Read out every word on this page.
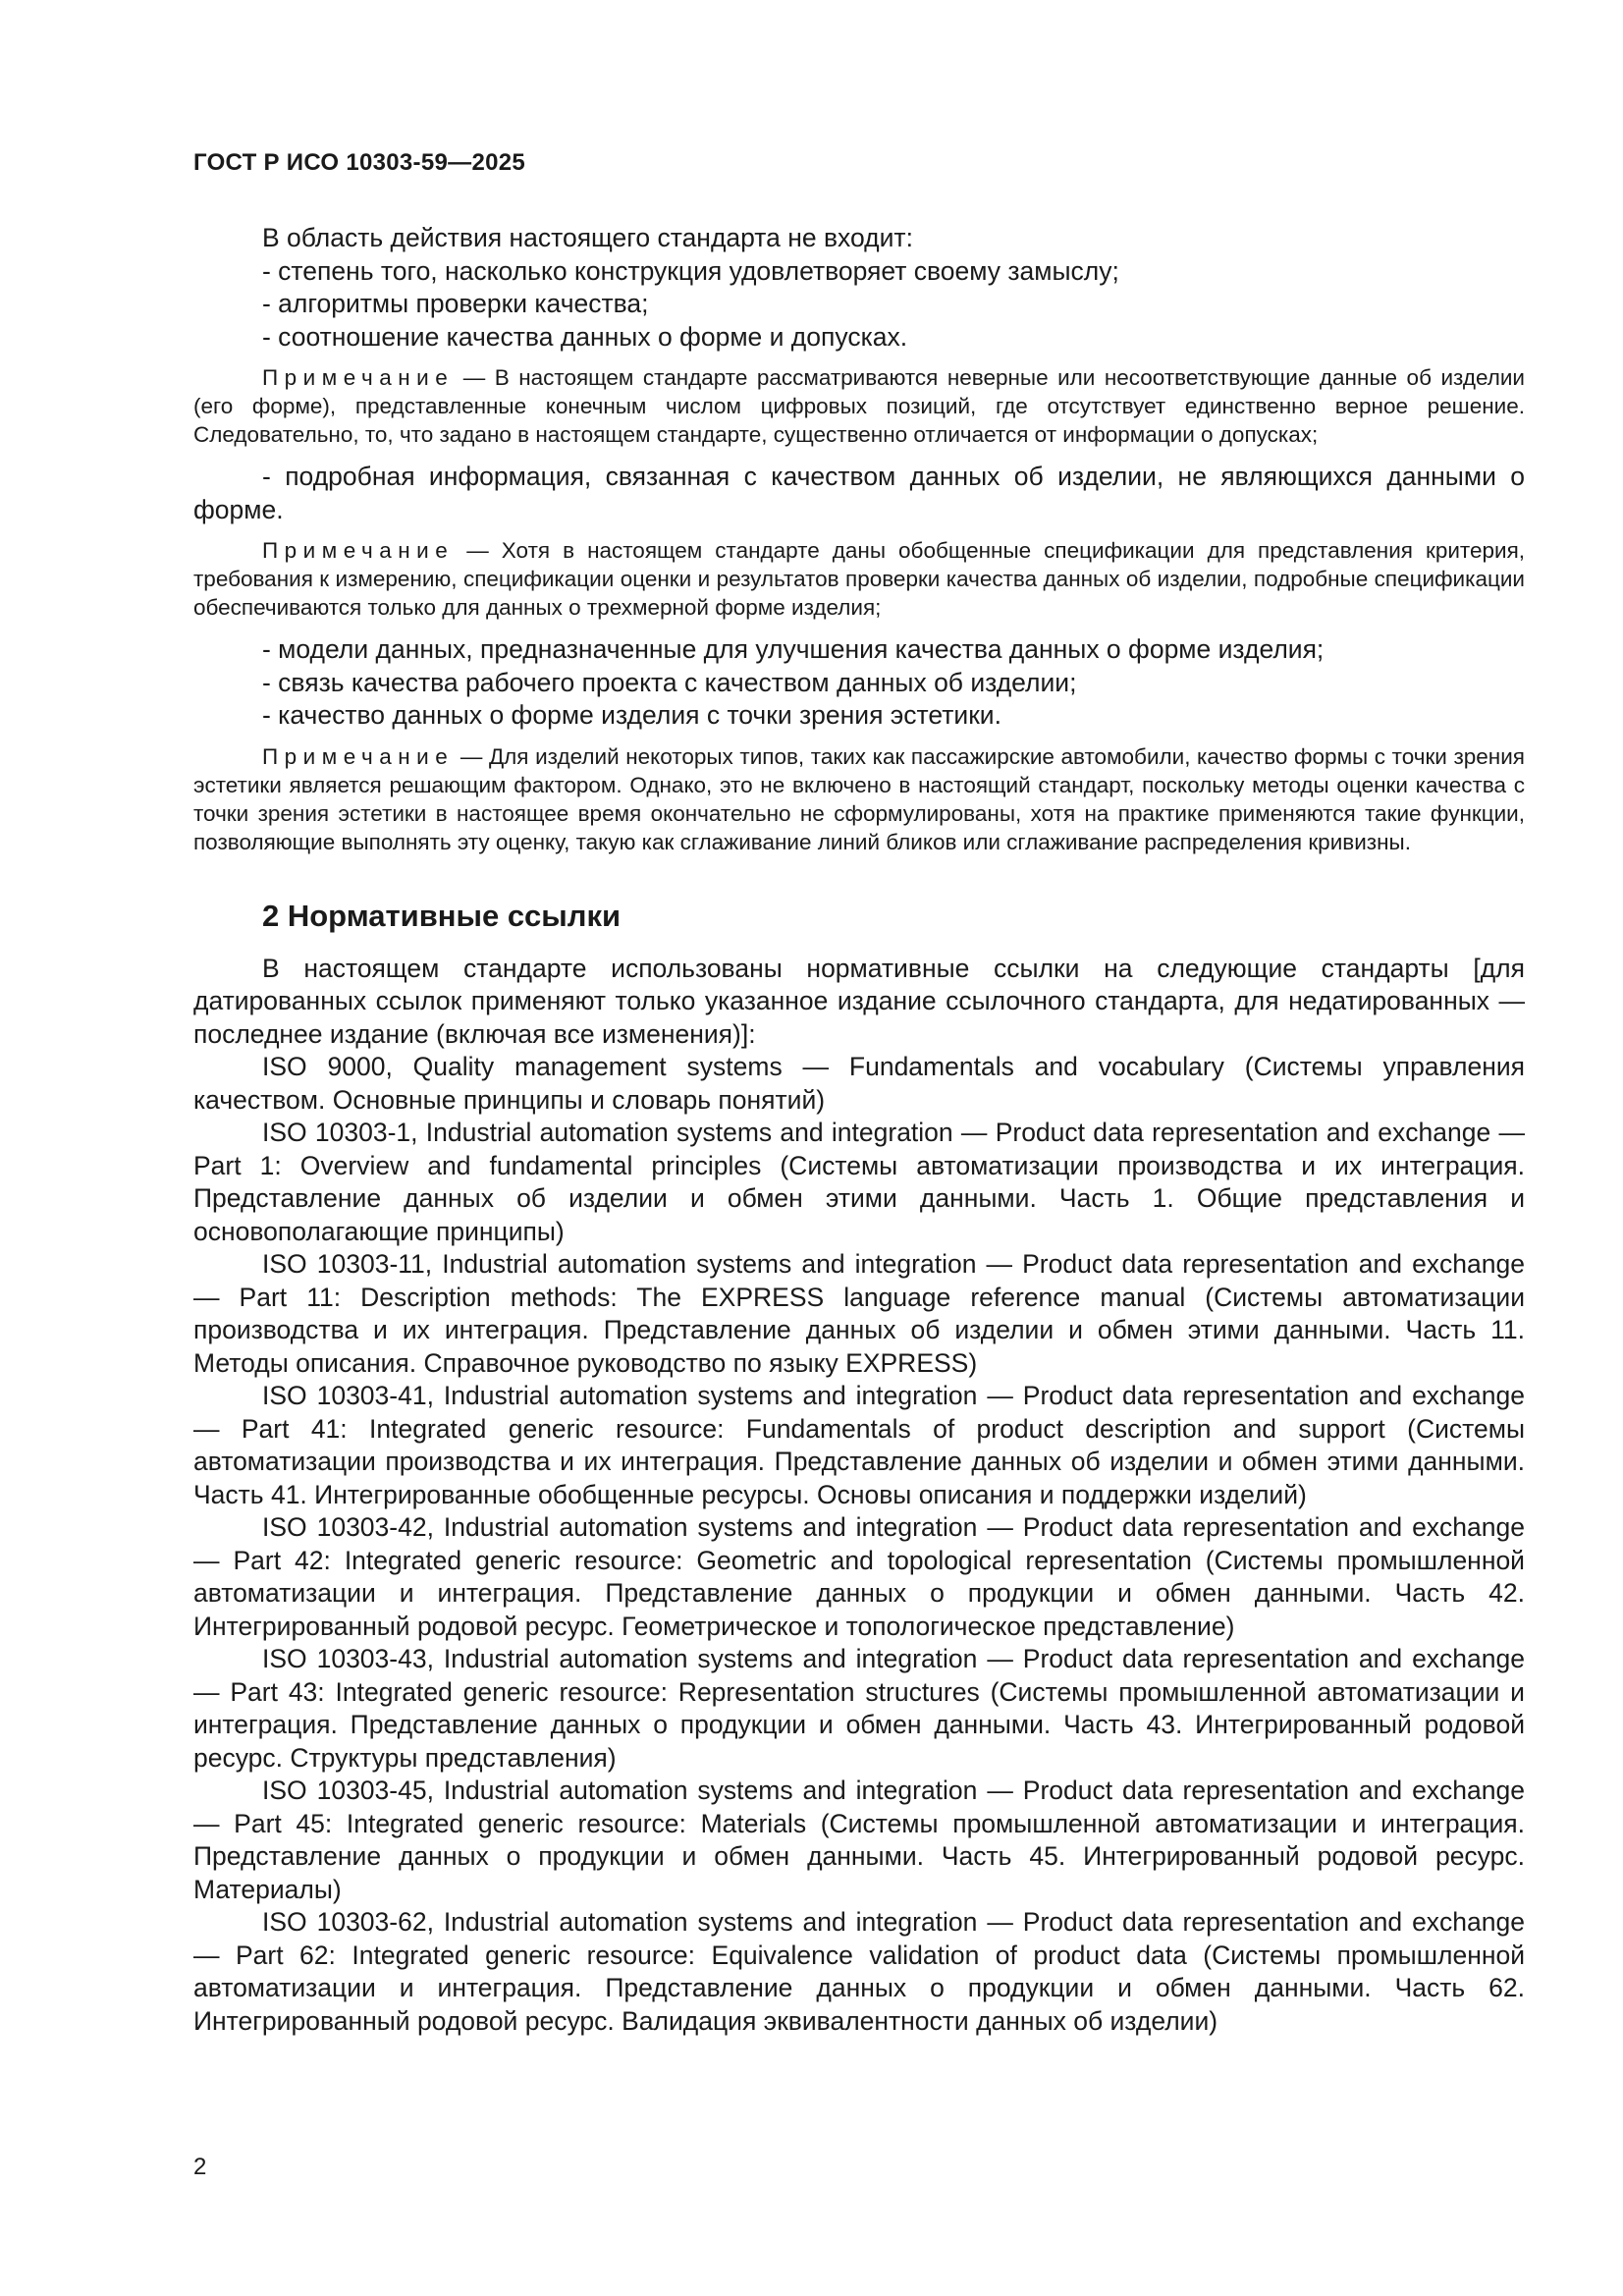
ГОСТ Р ИСО 10303-59—2025

В область действия настоящего стандарта не входит:

- степень того, насколько конструкция удовлетворяет своему замыслу;

- алгоритмы проверки качества;

- соотношение качества данных о форме и допусках.

Примечание — В настоящем стандарте рассматриваются неверные или несоответствующие данные об изделии (его форме), представленные конечным числом цифровых позиций, где отсутствует единственно верное решение. Следовательно, то, что задано в настоящем стандарте, существенно отличается от информации о допусках;

- подробная информация, связанная с качеством данных об изделии, не являющихся данными о форме.

Примечание — Хотя в настоящем стандарте даны обобщенные спецификации для представления критерия, требования к измерению, спецификации оценки и результатов проверки качества данных об изделии, подробные спецификации обеспечиваются только для данных о трехмерной форме изделия;

- модели данных, предназначенные для улучшения качества данных о форме изделия;

- связь качества рабочего проекта с качеством данных об изделии;

- качество данных о форме изделия с точки зрения эстетики.

Примечание — Для изделий некоторых типов, таких как пассажирские автомобили, качество формы с точки зрения эстетики является решающим фактором. Однако, это не включено в настоящий стандарт, поскольку методы оценки качества с точки зрения эстетики в настоящее время окончательно не сформулированы, хотя на практике применяются такие функции, позволяющие выполнять эту оценку, такую как сглаживание линий бликов или сглаживание распределения кривизны.

2 Нормативные ссылки

В настоящем стандарте использованы нормативные ссылки на следующие стандарты [для датированных ссылок применяют только указанное издание ссылочного стандарта, для недатированных — последнее издание (включая все изменения)]:

ISO 9000, Quality management systems — Fundamentals and vocabulary (Системы управления качеством. Основные принципы и словарь понятий)

ISO 10303-1, Industrial automation systems and integration — Product data representation and exchange — Part 1: Overview and fundamental principles (Системы автоматизации производства и их интеграция. Представление данных об изделии и обмен этими данными. Часть 1. Общие представления и основополагающие принципы)

ISO 10303-11, Industrial automation systems and integration — Product data representation and exchange — Part 11: Description methods: The EXPRESS language reference manual (Системы автоматизации производства и их интеграция. Представление данных об изделии и обмен этими данными. Часть 11. Методы описания. Справочное руководство по языку EXPRESS)

ISO 10303-41, Industrial automation systems and integration — Product data representation and exchange — Part 41: Integrated generic resource: Fundamentals of product description and support (Системы автоматизации производства и их интеграция. Представление данных об изделии и обмен этими данными. Часть 41. Интегрированные обобщенные ресурсы. Основы описания и поддержки изделий)

ISO 10303-42, Industrial automation systems and integration — Product data representation and exchange — Part 42: Integrated generic resource: Geometric and topological representation (Системы промышленной автоматизации и интеграция. Представление данных о продукции и обмен данными. Часть 42. Интегрированный родовой ресурс. Геометрическое и топологическое представление)

ISO 10303-43, Industrial automation systems and integration — Product data representation and exchange — Part 43: Integrated generic resource: Representation structures (Системы промышленной автоматизации и интеграция. Представление данных о продукции и обмен данными. Часть 43. Интегрированный родовой ресурс. Структуры представления)

ISO 10303-45, Industrial automation systems and integration — Product data representation and exchange — Part 45: Integrated generic resource: Materials (Системы промышленной автоматизации и интеграция. Представление данных о продукции и обмен данными. Часть 45. Интегрированный родовой ресурс. Материалы)

ISO 10303-62, Industrial automation systems and integration — Product data representation and exchange — Part 62: Integrated generic resource: Equivalence validation of product data (Системы промышленной автоматизации и интеграция. Представление данных о продукции и обмен данными. Часть 62. Интегрированный родовой ресурс. Валидация эквивалентности данных об изделии)

2
